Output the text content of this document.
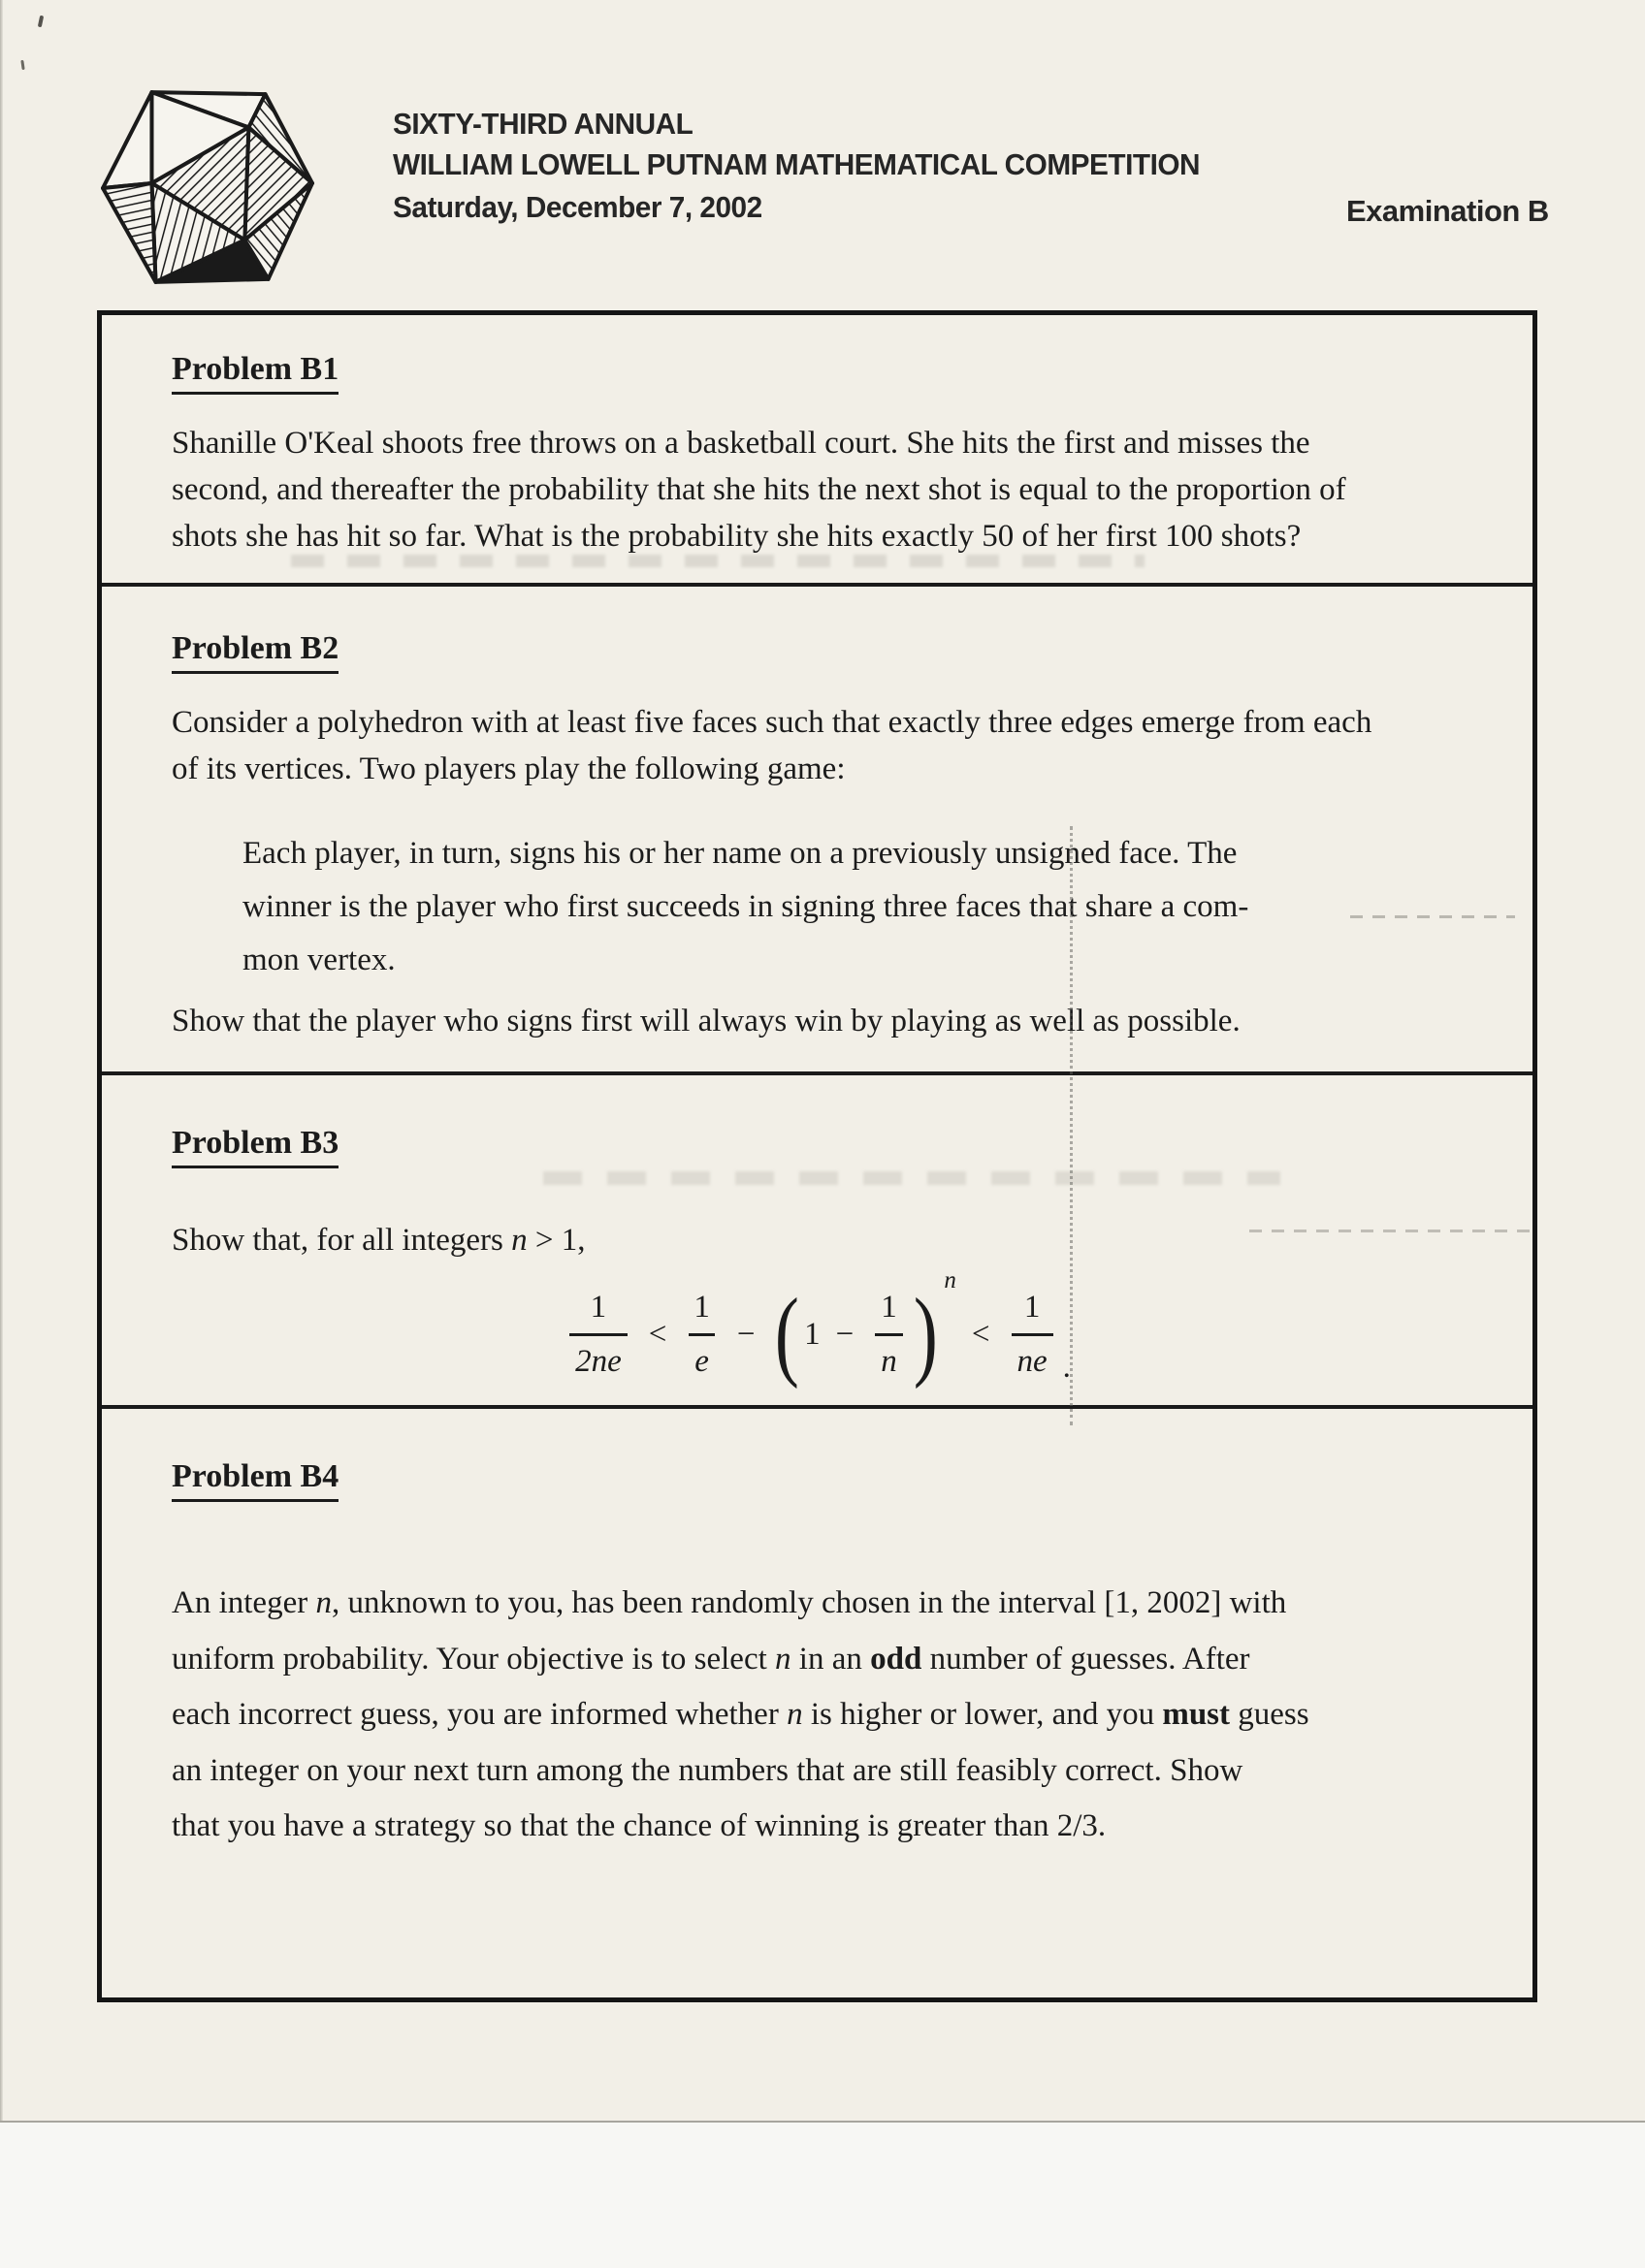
SIXTY-THIRD ANNUAL
WILLIAM LOWELL PUTNAM MATHEMATICAL COMPETITION
Saturday, December 7, 2002	Examination B
Problem B1
Shanille O'Keal shoots free throws on a basketball court. She hits the first and misses the
second, and thereafter the probability that she hits the next shot is equal to the proportion of
shots she has hit so far. What is the probability she hits exactly 50 of her first 100 shots?
Problem B2
Consider a polyhedron with at least five faces such that exactly three edges emerge from each
of its vertices. Two players play the following game:
Each player, in turn, signs his or her name on a previously unsigned face. The
winner is the player who first succeeds in signing three faces that share a com-
mon vertex.
Show that the player who signs first will always win by playing as well as possible.
Problem B3
Show that, for all integers n > 1,
$\frac{1}{2ne} < \frac{1}{e}$ − ( $1 - \frac{1}{n}$ ) n
< $\frac{1}{ne}$ .
Problem B4
An integer n, unknown to you, has been randomly chosen in the interval [1, 2002] with
uniform probability. Your objective is to select n in an odd number of guesses. After
each incorrect guess, you are informed whether n is higher or lower, and you must guess
an integer on your next turn among the numbers that are still feasibly correct. Show
that you have a strategy so that the chance of winning is greater than 2/3.
